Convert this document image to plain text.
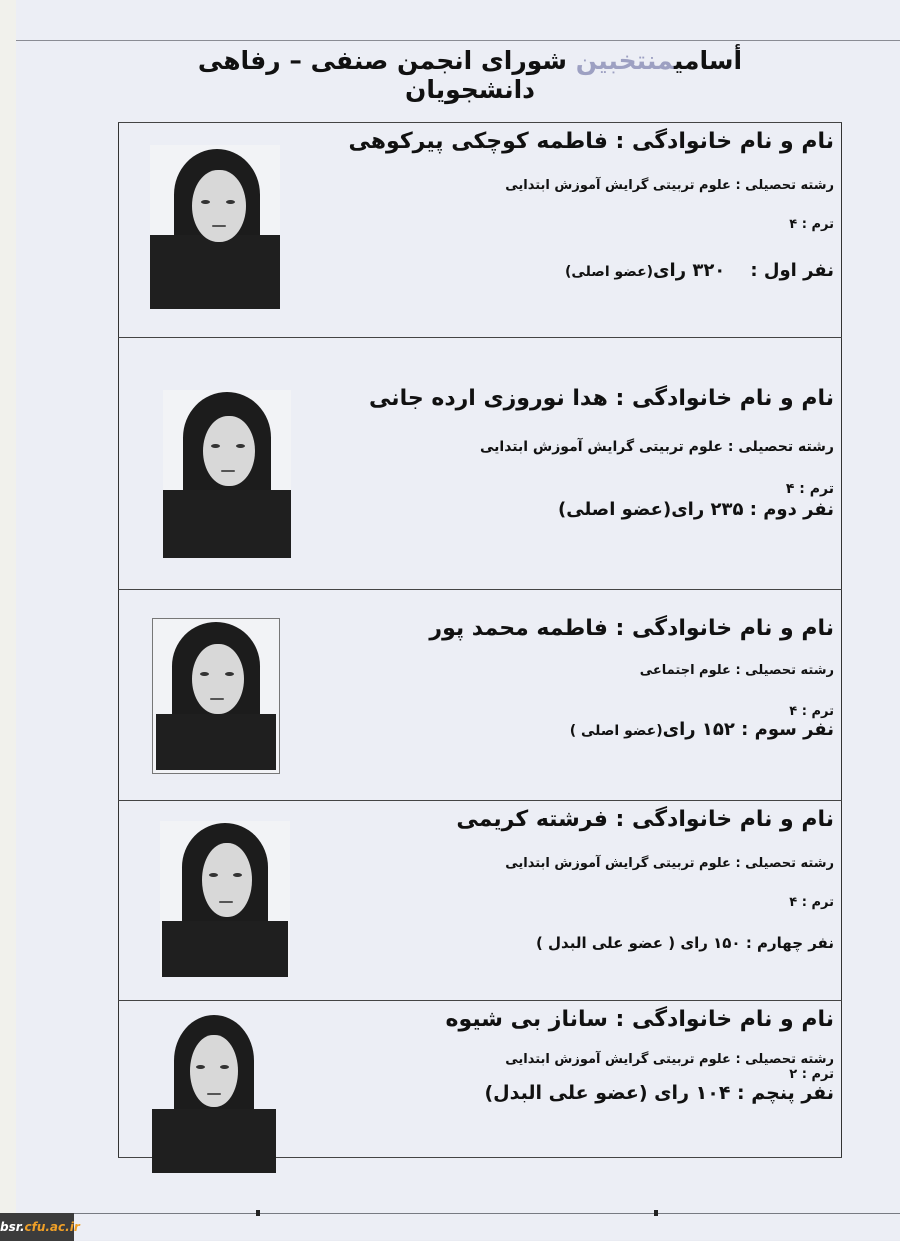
أسامیمنتخبین شورای انجمن صنفی – رفاهی دانشجویان
نام و نام خانوادگی : فاطمه کوچکی پیرکوهی
رشته تحصیلی : علوم تربیتی گرایش آموزش ابتدایی
ترم : ۴
نفر اول :    ۳۲۰ رای(عضو اصلی)
نام و نام خانوادگی : هدا نوروزی ارده جانی
رشته تحصیلی : علوم تربیتی گرایش آموزش ابتدایی
ترم : ۴
نفر دوم : ۲۳۵ رای(عضو اصلی)
نام و نام خانوادگی : فاطمه محمد پور
رشته تحصیلی : علوم اجتماعی
ترم : ۴
نفر سوم : ۱۵۲ رای(عضو اصلی )
نام و نام خانوادگی : فرشته کریمی
رشته تحصیلی : علوم تربیتی گرایش آموزش ابتدایی
ترم : ۴
نفر چهارم : ۱۵۰ رای ( عضو علی البدل )
نام و نام خانوادگی : ساناز بی شیوه
رشته تحصیلی : علوم تربیتی گرایش آموزش ابتدایی
ترم : ۲
نفر پنچم : ۱۰۴ رای (عضو علی البدل)
bsr.cfu.ac.ir
